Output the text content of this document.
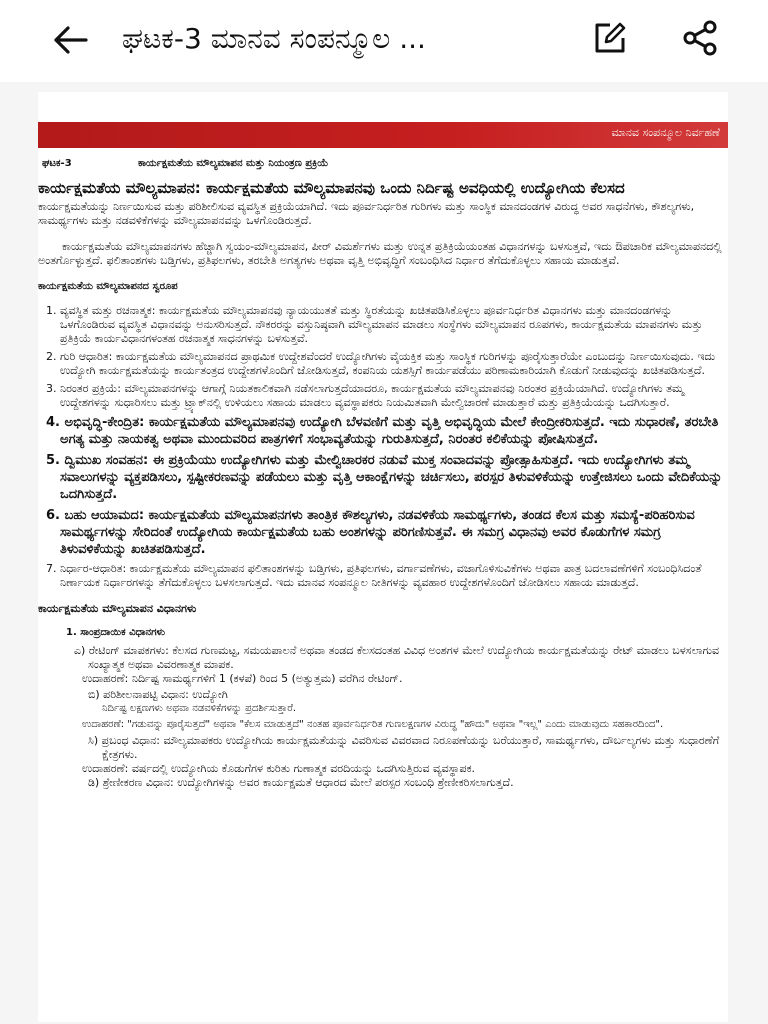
ಘಟಕ-3 ಮಾನವ ಸಂಪನ್ಮೂಲ ...
ಮಾನವ ಸಂಪನ್ಮೂಲ ನಿರ್ವಹಣೆ
ಘಟಕ-3	ಕಾರ್ಯಕ್ಷಮತೆಯ ಮೌಲ್ಯಮಾಪನ ಮತ್ತು ನಿಯಂತ್ರಣ ಪ್ರಕ್ರಿಯೆ

ಕಾರ್ಯಕ್ಷಮತೆಯ ಮೌಲ್ಯಮಾಪನ: ಕಾರ್ಯಕ್ಷಮತೆಯ ಮೌಲ್ಯಮಾಪನವು ಒಂದು ನಿರ್ದಿಷ್ಟ ಅವಧಿಯಲ್ಲಿ ಉದ್ಯೋಗಿಯ ಕೆಲಸದ

ಕಾರ್ಯಕ್ಷಮತೆಯನ್ನು ನಿರ್ಣಯಿಸುವ ಮತ್ತು ಪರಿಶೀಲಿಸುವ ವ್ಯವಸ್ಥಿತ ಪ್ರಕ್ರಿಯೆಯಾಗಿದೆ. ಇದು ಪೂರ್ವನಿರ್ಧರಿತ ಗುರಿಗಳು ಮತ್ತು ಸಾಂಸ್ಥಿಕ ಮಾನದಂಡಗಳ ವಿರುದ್ಧ ಅವರ ಸಾಧನೆಗಳು, ಕೌಶಲ್ಯಗಳು, ಸಾಮರ್ಥ್ಯಗಳು ಮತ್ತು ನಡವಳಿಕೆಗಳನ್ನು ಮೌಲ್ಯಮಾಪನವನ್ನು ಒಳಗೊಂಡಿರುತ್ತದೆ.

ಕಾರ್ಯಕ್ಷಮತೆಯ ಮೌಲ್ಯಮಾಪನಗಳು ಹೆಚ್ಚಾಗಿ ಸ್ವಯಂ-ಮೌಲ್ಯಮಾಪನ, ಪೀರ್ ವಿಮರ್ಶೆಗಳು ಮತ್ತು ಉನ್ನತ ಪ್ರತಿಕ್ರಿಯೆಯಂತಹ ವಿಧಾನಗಳನ್ನು ಬಳಸುತ್ತವೆ, ಇದು ಔಪಚಾರಿಕ ಮೌಲ್ಯಮಾಪನದಲ್ಲಿ ಅಂತರ್ಗೊಳ್ಳುತ್ತದೆ. ಫಲಿತಾಂಶಗಳು ಬಡ್ತಿಗಳು, ಪ್ರತಿಫಲಗಳು, ತರಬೇತಿ ಅಗತ್ಯಗಳು ಅಥವಾ ವೃತ್ತಿ ಅಭಿವೃದ್ಧಿಗೆ ಸಂಬಂಧಿಸಿದ ನಿರ್ಧಾರ ತೆಗೆದುಕೊಳ್ಳಲು ಸಹಾಯ ಮಾಡುತ್ತವೆ.

ಕಾರ್ಯಕ್ಷಮತೆಯ ಮೌಲ್ಯಮಾಪನದ ಸ್ವರೂಪ

1. ವ್ಯವಸ್ಥಿತ ಮತ್ತು ರಚನಾತ್ಮಕ: ಕಾರ್ಯಕ್ಷಮತೆಯ ಮೌಲ್ಯಮಾಪನವು ನ್ಯಾಯಯುತತೆ ಮತ್ತು ಸ್ಥಿರತೆಯನ್ನು ಖಚಿತಪಡಿಸಿಕೊಳ್ಳಲು ಪೂರ್ವನಿರ್ಧರಿತ ವಿಧಾನಗಳು ಮತ್ತು ಮಾನದಂಡಗಳನ್ನು ಒಳಗೊಂಡಿರುವ ವ್ಯವಸ್ಥಿತ ವಿಧಾನವನ್ನು ಅನುಸರಿಸುತ್ತದೆ. ನೌಕರರನ್ನು ವಸ್ತುನಿಷ್ಠವಾಗಿ ಮೌಲ್ಯಮಾಪನ ಮಾಡಲು ಸಂಸ್ಥೆಗಳು ಮೌಲ್ಯಮಾಪನ ರೂಪಗಳು, ಕಾರ್ಯಕ್ಷಮತೆಯ ಮಾಪನಗಳು ಮತ್ತು ಪ್ರತಿಕ್ರಿಯೆ ಕಾರ್ಯವಿಧಾನಗಳಂತಹ ರಚನಾತ್ಮಕ ಸಾಧನಗಳನ್ನು ಬಳಸುತ್ತವೆ.

2. ಗುರಿ ಆಧಾರಿತ: ಕಾರ್ಯಕ್ಷಮತೆಯ ಮೌಲ್ಯಮಾಪನದ ಪ್ರಾಥಮಿಕ ಉದ್ದೇಶವೆಂದರೆ ಉದ್ಯೋಗಿಗಳು ವೈಯಕ್ತಿಕ ಮತ್ತು ಸಾಂಸ್ಥಿಕ ಗುರಿಗಳನ್ನು ಪೂರೈಸುತ್ತಾರೆಯೇ ಎಂಬುದನ್ನು ನಿರ್ಣಯಿಸುವುದು. ಇದು ಉದ್ಯೋಗಿ ಕಾರ್ಯಕ್ಷಮತೆಯನ್ನು ಕಾರ್ಯತಂತ್ರದ ಉದ್ದೇಶಗಳೊಂದಿಗೆ ಜೋಡಿಸುತ್ತದೆ, ಕಂಪನಿಯ ಯಶಸ್ಸಿಗೆ ಕಾರ್ಯಪಡೆಯು ಪರಿಣಾಮಕಾರಿಯಾಗಿ ಕೊಡುಗೆ ನೀಡುವುದನ್ನು ಖಚಿತಪಡಿಸುತ್ತದೆ.

3. ನಿರಂತರ ಪ್ರಕ್ರಿಯೆ: ಮೌಲ್ಯಮಾಪನಗಳನ್ನು ಆಗಾಗ್ಗೆ ನಿಯತಕಾಲಿಕವಾಗಿ ನಡೆಸಲಾಗುತ್ತದೆಯಾದರೂ, ಕಾರ್ಯಕ್ಷಮತೆಯ ಮೌಲ್ಯಮಾಪನವು ನಿರಂತರ ಪ್ರಕ್ರಿಯೆಯಾಗಿದೆ. ಉದ್ಯೋಗಿಗಳು ತಮ್ಮ ಉದ್ದೇಶಗಳನ್ನು ಸುಧಾರಿಸಲು ಮತ್ತು ಟ್ರ್ಯಾಕ್‌ನಲ್ಲಿ ಉಳಿಯಲು ಸಹಾಯ ಮಾಡಲು ವ್ಯವಸ್ಥಾಪಕರು ನಿಯಮಿತವಾಗಿ ಮೇಲ್ವಿಚಾರಣೆ ಮಾಡುತ್ತಾರೆ ಮತ್ತು ಪ್ರತಿಕ್ರಿಯೆಯನ್ನು ಒದಗಿಸುತ್ತಾರೆ.

4. ಅಭಿವೃದ್ಧಿ-ಕೇಂದ್ರಿತ: ಕಾರ್ಯಕ್ಷಮತೆಯ ಮೌಲ್ಯಮಾಪನವು ಉದ್ಯೋಗಿ ಬೆಳವಣಿಗೆ ಮತ್ತು ವೃತ್ತಿ ಅಭಿವೃದ್ಧಿಯ ಮೇಲೆ ಕೇಂದ್ರೀಕರಿಸುತ್ತದೆ. ಇದು ಸುಧಾರಣೆ, ತರಬೇತಿ ಅಗತ್ಯ ಮತ್ತು ನಾಯಕತ್ವ ಅಥವಾ ಮುಂದುವರಿದ ಪಾತ್ರಗಳಿಗೆ ಸಂಭಾವ್ಯತೆಯನ್ನು ಗುರುತಿಸುತ್ತದೆ, ನಿರಂತರ ಕಲಿಕೆಯನ್ನು ಪೋಷಿಸುತ್ತದೆ.

5. ದ್ವಿಮುಖ ಸಂವಹನ: ಈ ಪ್ರಕ್ರಿಯೆಯು ಉದ್ಯೋಗಿಗಳು ಮತ್ತು ಮೇಲ್ವಿಚಾರಕರ ನಡುವೆ ಮುಕ್ತ ಸಂವಾದವನ್ನು ಪ್ರೋತ್ಸಾಹಿಸುತ್ತದೆ. ಇದು ಉದ್ಯೋಗಿಗಳು ತಮ್ಮ ಸವಾಲುಗಳನ್ನು ವ್ಯಕ್ತಪಡಿಸಲು, ಸ್ಪಷ್ಟೀಕರಣವನ್ನು ಪಡೆಯಲು ಮತ್ತು ವೃತ್ತಿ ಆಕಾಂಕ್ಷೆಗಳನ್ನು ಚರ್ಚಿಸಲು, ಪರಸ್ಪರ ತಿಳುವಳಿಕೆಯನ್ನು ಉತ್ತೇಜಿಸಲು ಒಂದು ವೇದಿಕೆಯನ್ನು ಒದಗಿಸುತ್ತದೆ.

6. ಬಹು ಆಯಾಮದ: ಕಾರ್ಯಕ್ಷಮತೆಯ ಮೌಲ್ಯಮಾಪನಗಳು ತಾಂತ್ರಿಕ ಕೌಶಲ್ಯಗಳು, ನಡವಳಿಕೆಯ ಸಾಮರ್ಥ್ಯಗಳು, ತಂಡದ ಕೆಲಸ ಮತ್ತು ಸಮಸ್ಯೆ-ಪರಿಹರಿಸುವ ಸಾಮರ್ಥ್ಯಗಳನ್ನು ಸೇರಿದಂತೆ ಉದ್ಯೋಗಿಯ ಕಾರ್ಯಕ್ಷಮತೆಯ ಬಹು ಅಂಶಗಳನ್ನು ಪರಿಗಣಿಸುತ್ತವೆ. ಈ ಸಮಗ್ರ ವಿಧಾನವು ಅವರ ಕೊಡುಗೆಗಳ ಸಮಗ್ರ ತಿಳುವಳಿಕೆಯನ್ನು ಖಚಿತಪಡಿಸುತ್ತದೆ.

7. ನಿರ್ಧಾರ-ಆಧಾರಿತ: ಕಾರ್ಯಕ್ಷಮತೆಯ ಮೌಲ್ಯಮಾಪನ ಫಲಿತಾಂಶಗಳನ್ನು ಬಡ್ತಿಗಳು, ಪ್ರತಿಫಲಗಳು, ವರ್ಗಾವಣೆಗಳು, ವಜಾಗೊಳಿಸುವಿಕೆಗಳು ಅಥವಾ ಪಾತ್ರ ಬದಲಾವಣೆಗಳಿಗೆ ಸಂಬಂಧಿಸಿದಂತೆ ನಿರ್ಣಾಯಕ ನಿರ್ಧಾರಗಳನ್ನು ತೆಗೆದುಕೊಳ್ಳಲು ಬಳಸಲಾಗುತ್ತದೆ. ಇದು ಮಾನವ ಸಂಪನ್ಮೂಲ ನೀತಿಗಳನ್ನು ವ್ಯವಹಾರ ಉದ್ದೇಶಗಳೊಂದಿಗೆ ಜೋಡಿಸಲು ಸಹಾಯ ಮಾಡುತ್ತದೆ.

ಕಾರ್ಯಕ್ಷಮತೆಯ ಮೌಲ್ಯಮಾಪನ ವಿಧಾನಗಳು

1. ಸಾಂಪ್ರದಾಯಿಕ ವಿಧಾನಗಳು

ಎ) ರೇಟಿಂಗ್ ಮಾಪಕಗಳು: ಕೆಲಸದ ಗುಣಮಟ್ಟ, ಸಮಯಪಾಲನೆ ಅಥವಾ ತಂಡದ ಕೆಲಸದಂತಹ ವಿವಿಧ ಅಂಶಗಳ ಮೇಲೆ ಉದ್ಯೋಗಿಯ ಕಾರ್ಯಕ್ಷಮತೆಯನ್ನು ರೇಟ್ ಮಾಡಲು ಬಳಸಲಾಗುವ ಸಂಖ್ಯಾತ್ಮಕ ಅಥವಾ ವಿವರಣಾತ್ಮಕ ಮಾಪಕ.

ಉದಾಹರಣೆ: ನಿರ್ದಿಷ್ಟ ಸಾಮರ್ಥ್ಯಗಳಿಗೆ 1 (ಕಳಪೆ) ರಿಂದ 5 (ಅತ್ಯುತ್ತಮ) ವರೆಗಿನ ರೇಟಿಂಗ್.

ಬಿ) ಪರಿಶೀಲನಾಪಟ್ಟಿ ವಿಧಾನ: ಉದ್ಯೋಗಿ

ನಿರ್ದಿಷ್ಟ ಲಕ್ಷಣಗಳು ಅಥವಾ ನಡವಳಿಕೆಗಳನ್ನು ಪ್ರದರ್ಶಿಸುತ್ತಾರೆ.

ಉದಾಹರಣೆ: "ಗಡುವನ್ನು ಪೂರೈಸುತ್ತದೆ" ಅಥವಾ "ಕೆಲಸ ಮಾಡುತ್ತದೆ" ನಂತಹ ಪೂರ್ವನಿರ್ಧರಿತ ಗುಣಲಕ್ಷಣಗಳ ವಿರುದ್ಧ "ಹೌದು" ಅಥವಾ "ಇಲ್ಲ" ಎಂದು ಮಾಡುವುದು ಸಹಕಾರದಿಂದ".

ಸಿ) ಪ್ರಬಂಧ ವಿಧಾನ: ಮೌಲ್ಯಮಾಪಕರು ಉದ್ಯೋಗಿಯ ಕಾರ್ಯಕ್ಷಮತೆಯನ್ನು ವಿವರಿಸುವ ವಿವರವಾದ ನಿರೂಪಣೆಯನ್ನು ಬರೆಯುತ್ತಾರೆ, ಸಾಮರ್ಥ್ಯಗಳು, ದೌರ್ಬಲ್ಯಗಳು ಮತ್ತು ಸುಧಾರಣೆಗೆ ಕ್ಷೇತ್ರಗಳು.

ಉದಾಹರಣೆ: ವರ್ಷದಲ್ಲಿ ಉದ್ಯೋಗಿಯ ಕೊಡುಗೆಗಳ ಕುರಿತು ಗುಣಾತ್ಮಕ ವರದಿಯನ್ನು ಒದಗಿಸುತ್ತಿರುವ ವ್ಯವಸ್ಥಾಪಕ.

ಡಿ) ಶ್ರೇಣೀಕರಣ ವಿಧಾನ: ಉದ್ಯೋಗಿಗಳನ್ನು ಅವರ ಕಾರ್ಯಕ್ಷಮತೆ ಆಧಾರದ ಮೇಲೆ ಪರಸ್ಪರ ಸಂಬಂಧಿ ಶ್ರೇಣೀಕರಿಸಲಾಗುತ್ತದೆ.
